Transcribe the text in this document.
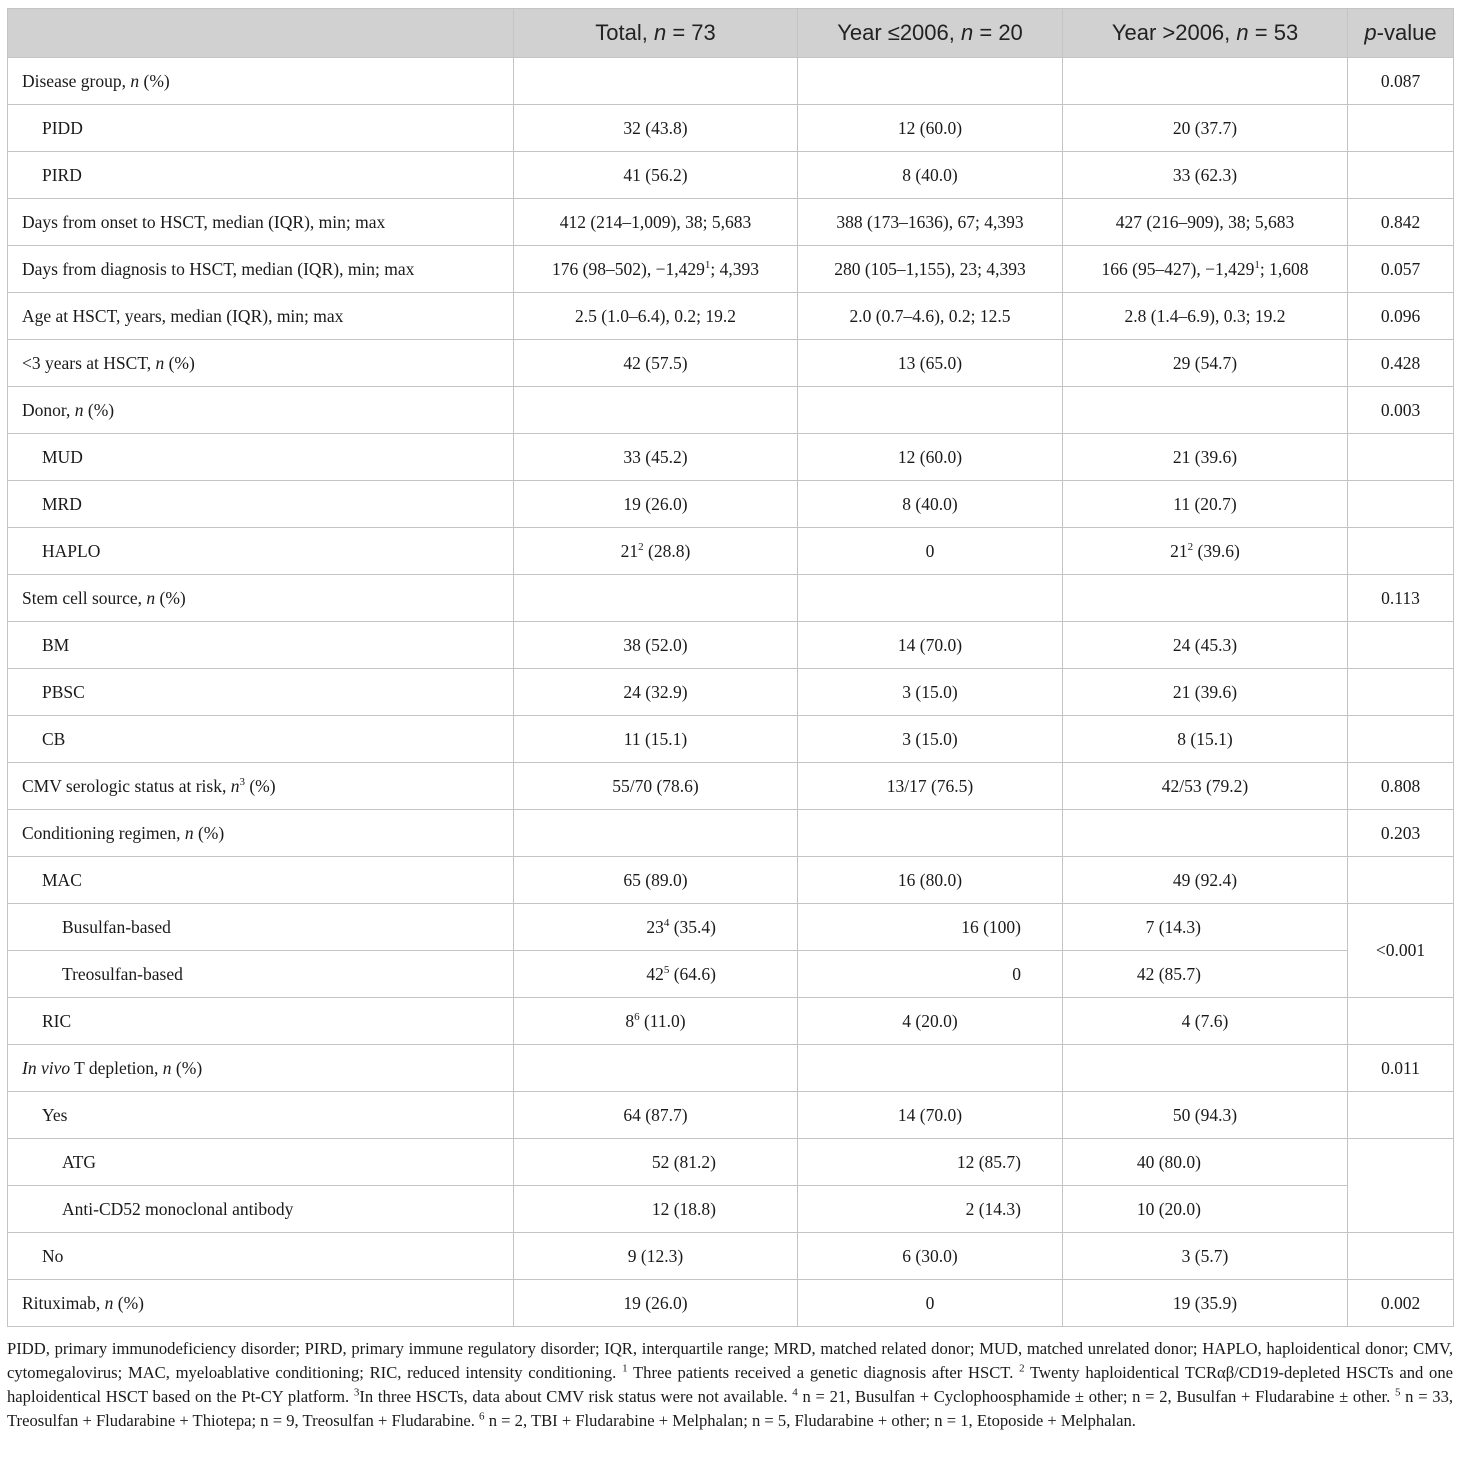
	Total, n = 73	Year ≤2006, n = 20	Year >2006, n = 53	p-value
Disease group, n (%)				0.087
PIDD	32 (43.8)	12 (60.0)	20 (37.7)	
PIRD	41 (56.2)	8 (40.0)	33 (62.3)	
Days from onset to HSCT, median (IQR), min; max	412 (214–1,009), 38; 5,683	388 (173–1636), 67; 4,393	427 (216–909), 38; 5,683	0.842
Days from diagnosis to HSCT, median (IQR), min; max	176 (98–502), $-1,429^1$; 4,393	280 (105–1,155), 23; 4,393	166 (95–427), $-1,429^1$; 1,608	0.057
Age at HSCT, years, median (IQR), min; max	2.5 (1.0–6.4), 0.2; 19.2	2.0 (0.7–4.6), 0.2; 12.5	2.8 (1.4–6.9), 0.3; 19.2	0.096
<3 years at HSCT, n (%)	42 (57.5)	13 (65.0)	29 (54.7)	0.428
Donor, n (%)				0.003
MUD	33 (45.2)	12 (60.0)	21 (39.6)	
MRD	19 (26.0)	8 (40.0)	11 (20.7)	
HAPLO	$21^2$ (28.8)	0	$21^2$ (39.6)	
Stem cell source, n (%)				0.113
BM	38 (52.0)	14 (70.0)	24 (45.3)	
PBSC	24 (32.9)	3 (15.0)	21 (39.6)	
CB	11 (15.1)	3 (15.0)	8 (15.1)	
CMV serologic status at risk, $n^3$ (%)	55/70 (78.6)	13/17 (76.5)	42/53 (79.2)	0.808
Conditioning regimen, n (%)				0.203
MAC	65 (89.0)	16 (80.0)	49 (92.4)	
Busulfan-based	$23^4$ (35.4)	16 (100)	7 (14.3)	<0.001
Treosulfan-based	$42^5$ (64.6)	0	42 (85.7)	
RIC	$8^6$ (11.0)	4 (20.0)	4 (7.6)	
In vivo T depletion, n (%)				0.011
Yes	64 (87.7)	14 (70.0)	50 (94.3)	
ATG	52 (81.2)	12 (85.7)	40 (80.0)	
Anti-CD52 monoclonal antibody	12 (18.8)	2 (14.3)	10 (20.0)	
No	9 (12.3)	6 (30.0)	3 (5.7)	
Rituximab, n (%)	19 (26.0)	0	19 (35.9)	0.002
PIDD, primary immunodeficiency disorder; PIRD, primary immune regulatory disorder; IQR, interquartile range; MRD, matched related donor; MUD, matched unrelated donor; HAPLO, haploidentical donor; CMV, cytomegalovirus; MAC, myeloablative conditioning; RIC, reduced intensity conditioning. $^1$ Three patients received a genetic diagnosis after HSCT. $^2$ Twenty haploidentical TCRαβ/CD19-depleted HSCTs and one haploidentical HSCT based on the Pt-CY platform. $^3$In three HSCTs, data about CMV risk status were not available. $^4$ n = 21, Busulfan + Cyclophoosphamide ± other; n = 2, Busulfan + Fludarabine ± other. $^5$ n = 33, Treosulfan + Fludarabine + Thiotepa; n = 9, Treosulfan + Fludarabine. $^6$ n = 2, TBI + Fludarabine + Melphalan; n = 5, Fludarabine + other; n = 1, Etoposide + Melphalan.
